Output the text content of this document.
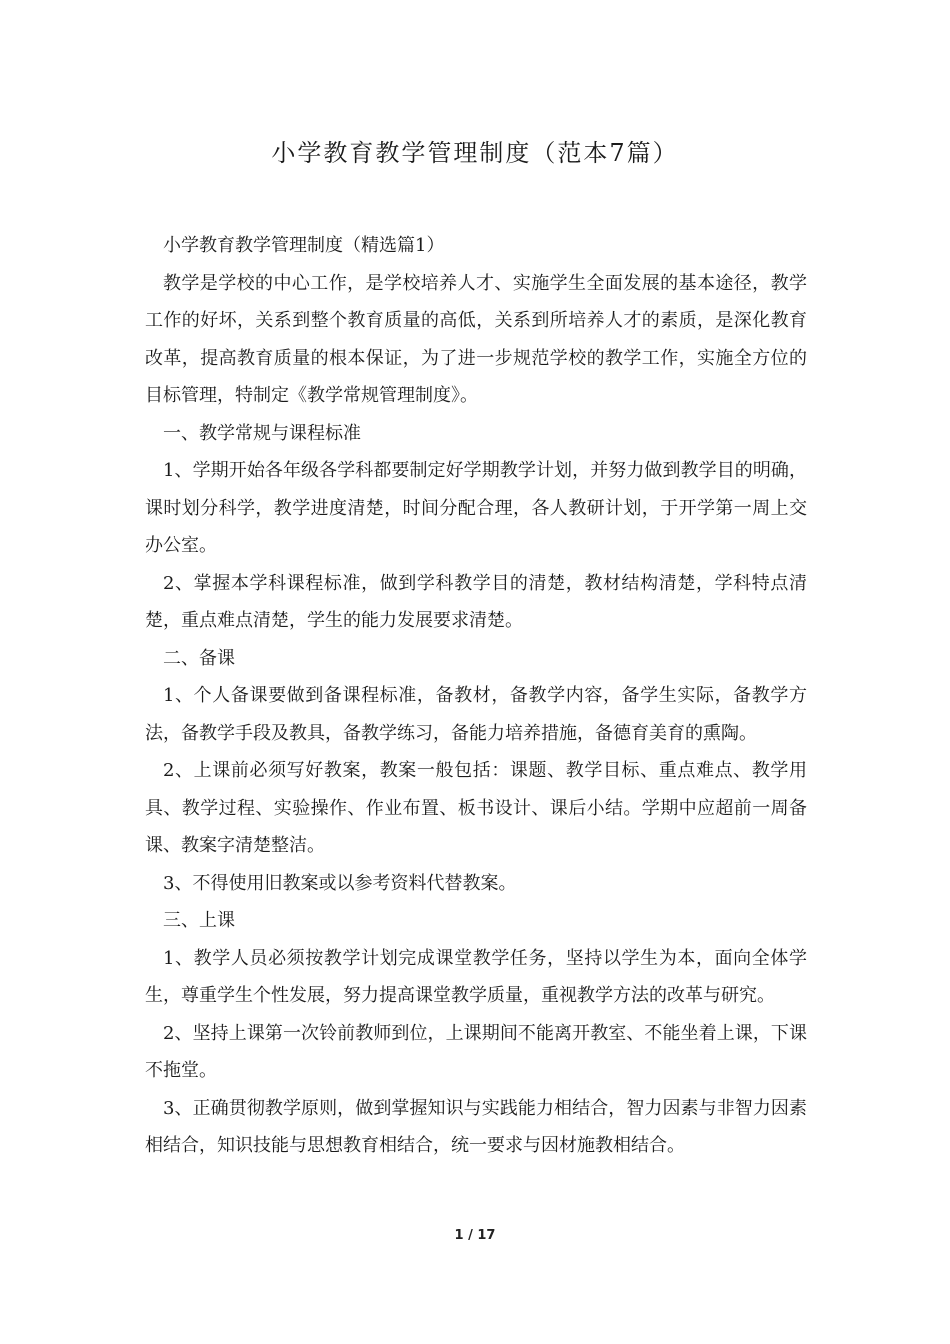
小学教育教学管理制度（范本7篇）

小学教育教学管理制度（精选篇1）

教学是学校的中心工作，是学校培养人才、实施学生全面发展的基本途径，教学工作的好坏，关系到整个教育质量的高低，关系到所培养人才的素质，是深化教育改革，提高教育质量的根本保证，为了进一步规范学校的教学工作，实施全方位的目标管理，特制定《教学常规管理制度》。

一、教学常规与课程标准

1、学期开始各年级各学科都要制定好学期教学计划，并努力做到教学目的明确，课时划分科学，教学进度清楚，时间分配合理，各人教研计划，于开学第一周上交办公室。

2、掌握本学科课程标准，做到学科教学目的清楚，教材结构清楚，学科特点清楚，重点难点清楚，学生的能力发展要求清楚。

二、备课

1、个人备课要做到备课程标准，备教材，备教学内容，备学生实际，备教学方法，备教学手段及教具，备教学练习，备能力培养措施，备德育美育的熏陶。

2、上课前必须写好教案，教案一般包括：课题、教学目标、重点难点、教学用具、教学过程、实验操作、作业布置、板书设计、课后小结。学期中应超前一周备课、教案字清楚整洁。

3、不得使用旧教案或以参考资料代替教案。

三、上课

1、教学人员必须按教学计划完成课堂教学任务，坚持以学生为本，面向全体学生，尊重学生个性发展，努力提高课堂教学质量，重视教学方法的改革与研究。

2、坚持上课第一次铃前教师到位，上课期间不能离开教室、不能坐着上课，下课不拖堂。

3、正确贯彻教学原则，做到掌握知识与实践能力相结合，智力因素与非智力因素相结合，知识技能与思想教育相结合，统一要求与因材施教相结合。

1 / 17
